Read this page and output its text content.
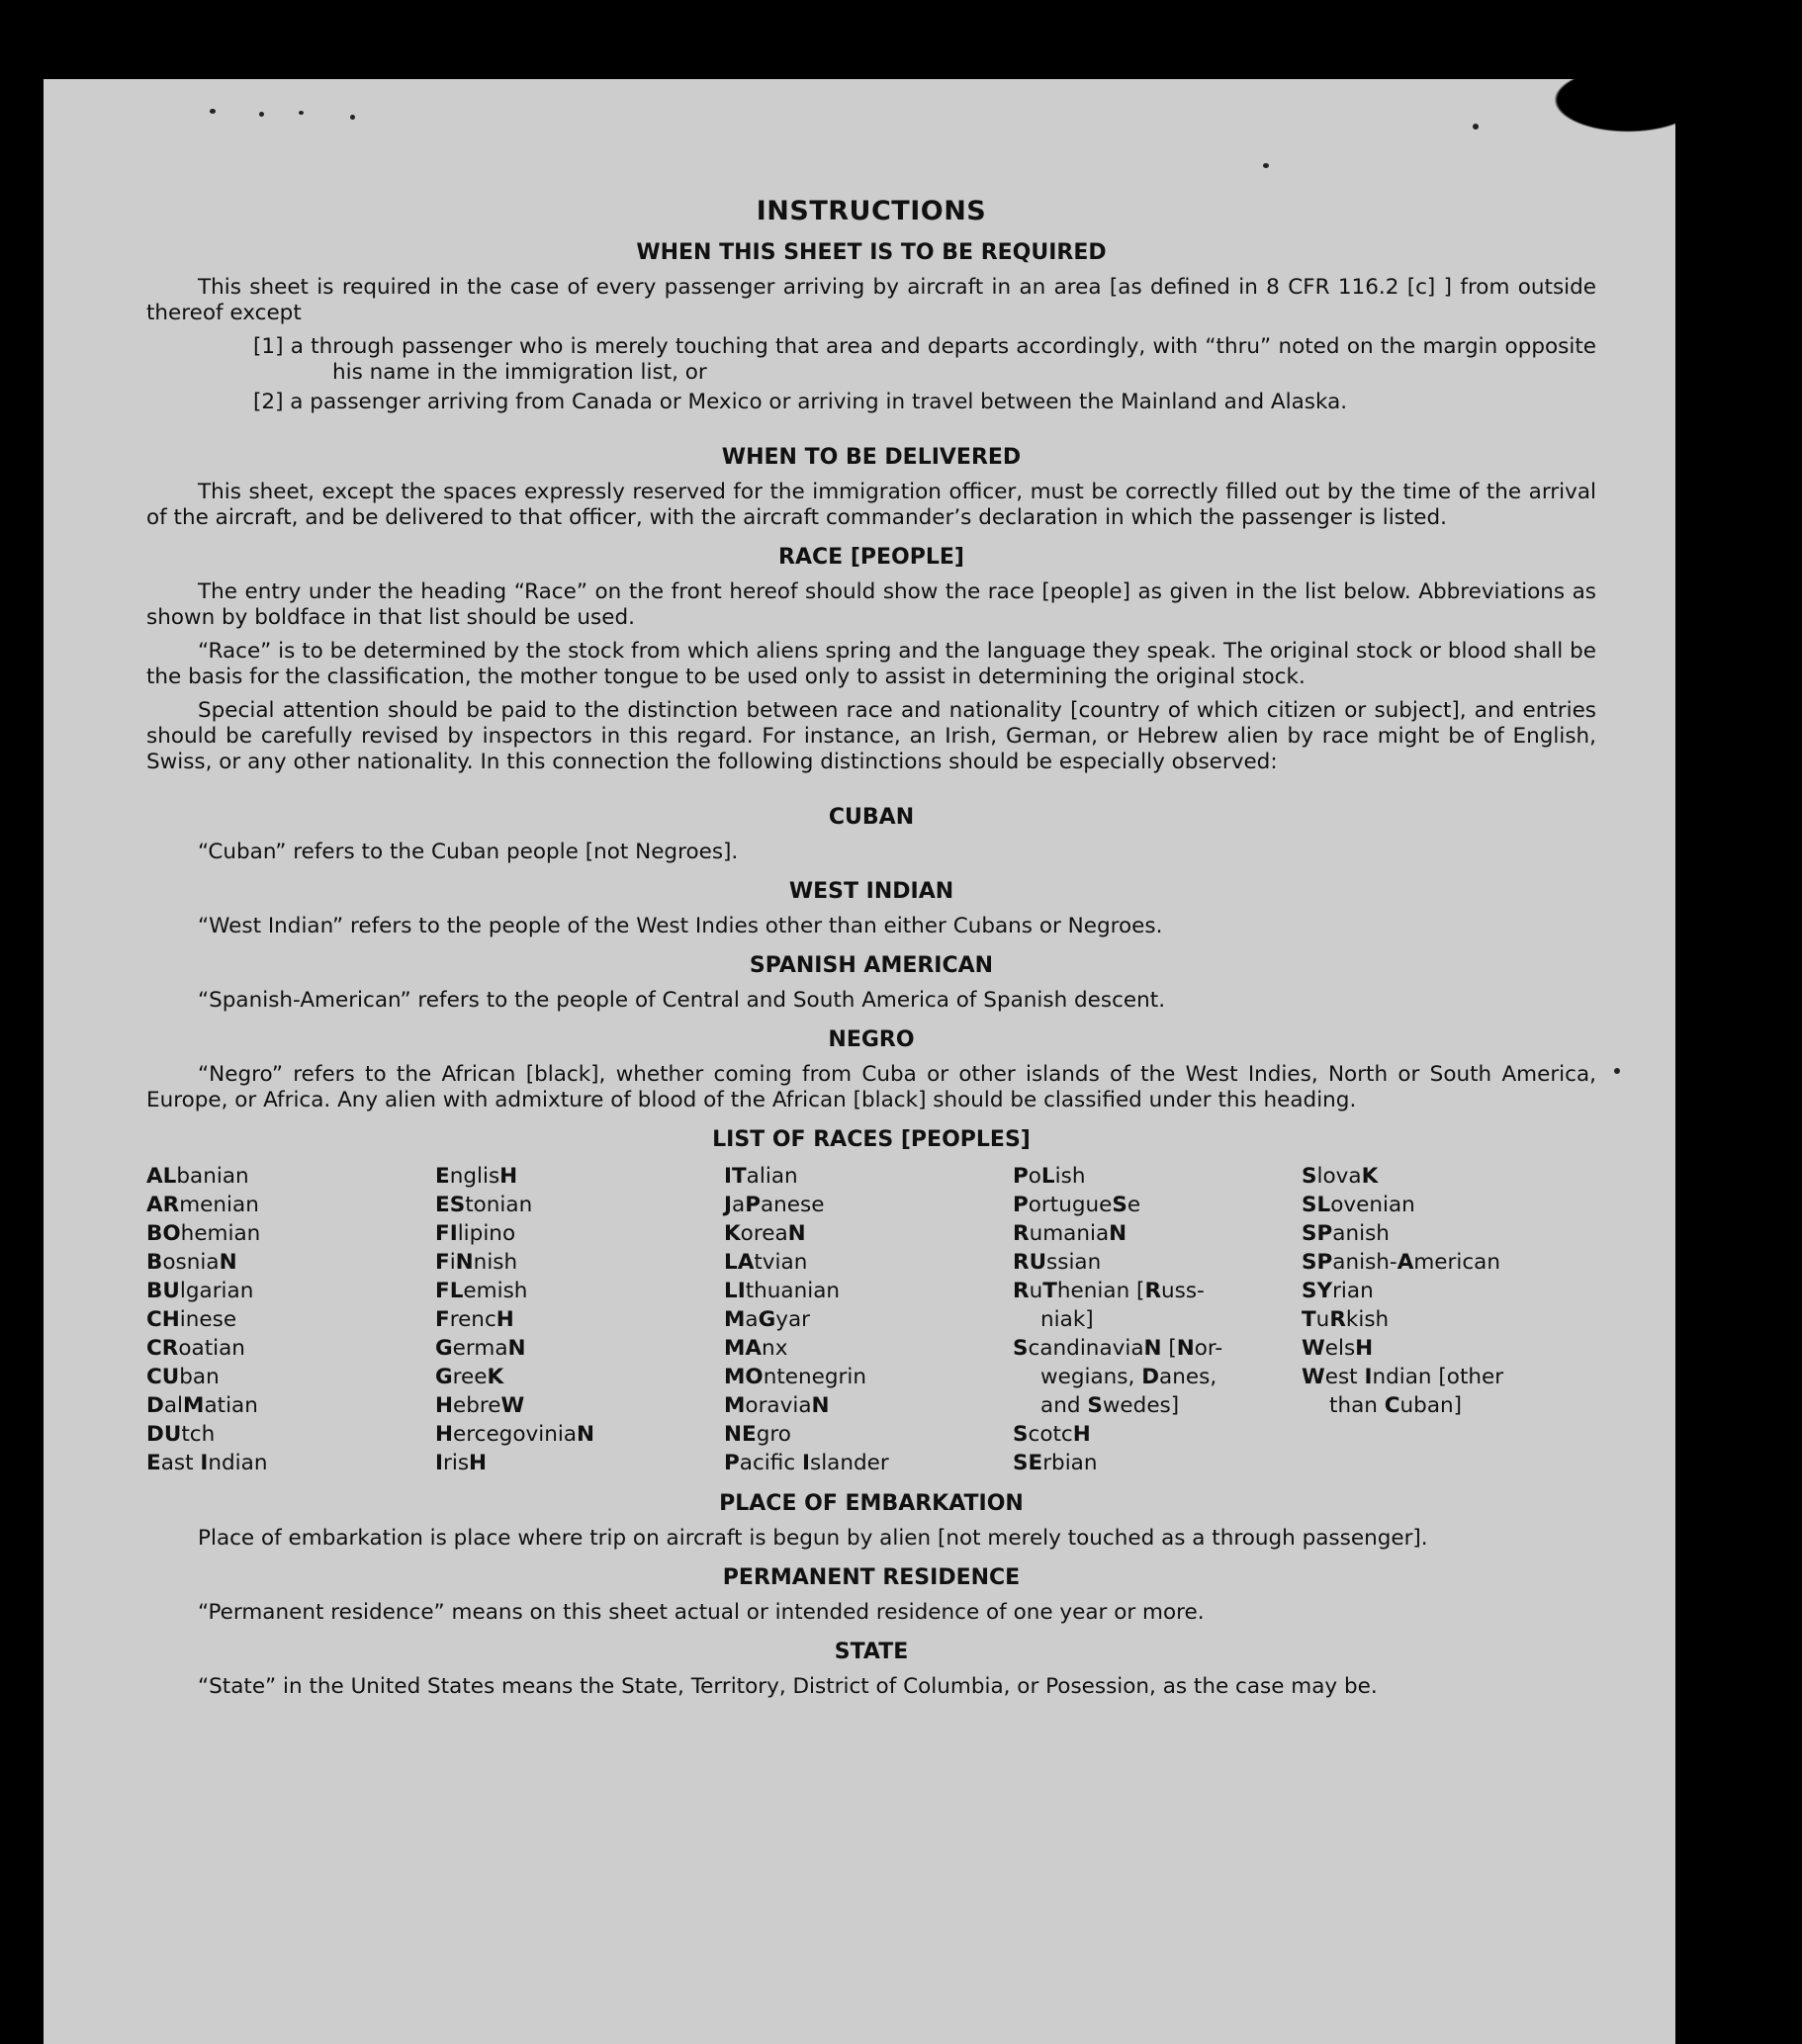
INSTRUCTIONS
WHEN THIS SHEET IS TO BE REQUIRED

This sheet is required in the case of every passenger arriving by aircraft in an area [as defined in 8 CFR 116.2 [c] ] from outside thereof except

[1] a through passenger who is merely touching that area and departs accordingly, with “thru” noted on the margin opposite his name in the immigration list, or
[2] a passenger arriving from Canada or Mexico or arriving in travel between the Mainland and Alaska.
WHEN TO BE DELIVERED

This sheet, except the spaces expressly reserved for the immigration officer, must be correctly filled out by the time of the arrival of the aircraft, and be delivered to that officer, with the aircraft commander’s declaration in which the passenger is listed.

RACE [PEOPLE]

The entry under the heading “Race” on the front hereof should show the race [people] as given in the list below. Abbreviations as shown by boldface in that list should be used.

“Race” is to be determined by the stock from which aliens spring and the language they speak. The original stock or blood shall be the basis for the classification, the mother tongue to be used only to assist in determining the original stock.

Special attention should be paid to the distinction between race and nationality [country of which citizen or subject], and entries should be carefully revised by inspectors in this regard. For instance, an Irish, German, or Hebrew alien by race might be of English, Swiss, or any other nationality. In this connection the following distinctions should be especially observed:

CUBAN

“Cuban” refers to the Cuban people [not Negroes].

WEST INDIAN

“West Indian” refers to the people of the West Indies other than either Cubans or Negroes.

SPANISH AMERICAN

“Spanish-American” refers to the people of Central and South America of Spanish descent.

NEGRO

“Negro” refers to the African [black], whether coming from Cuba or other islands of the West Indies, North or South America, Europe, or Africa. Any alien with admixture of blood of the African [black] should be classified under this heading.

LIST OF RACES [PEOPLES]
ALbanian
ARmenian
BOhemian
BosniaN
BUlgarian
CHinese
CRoatian
CUban
DalMatian
DUtch
East Indian
EnglisH
EStonian
FIlipino
FiNnish
FLemish
FrencH
GermaN
GreeK
HebreW
HercegoviniaN
IrisH
ITalian
JaPanese
KoreaN
LAtvian
LIthuanian
MaGyar
MAnx
MOntenegrin
MoraviaN
NEgro
Pacifc Islander
PoLish
PortugueSe
RumaniaN
RUssian
RuThenian [Russ-
niak]
ScandinaviaN [Nor-
wegians, Danes,
and Swedes]
ScotcH
SErbian
SlovaK
SLovenian
SPanish
SPanish-American
SYrian
TuRkish
WelsH
West Indian [other
than Cuban]
PLACE OF EMBARKATION

Place of embarkation is place where trip on aircraft is begun by alien [not merely touched as a through passenger].

PERMANENT RESIDENCE

“Permanent residence” means on this sheet actual or intended residence of one year or more.

STATE

“State” in the United States means the State, Territory, District of Columbia, or Posession, as the case may be.
